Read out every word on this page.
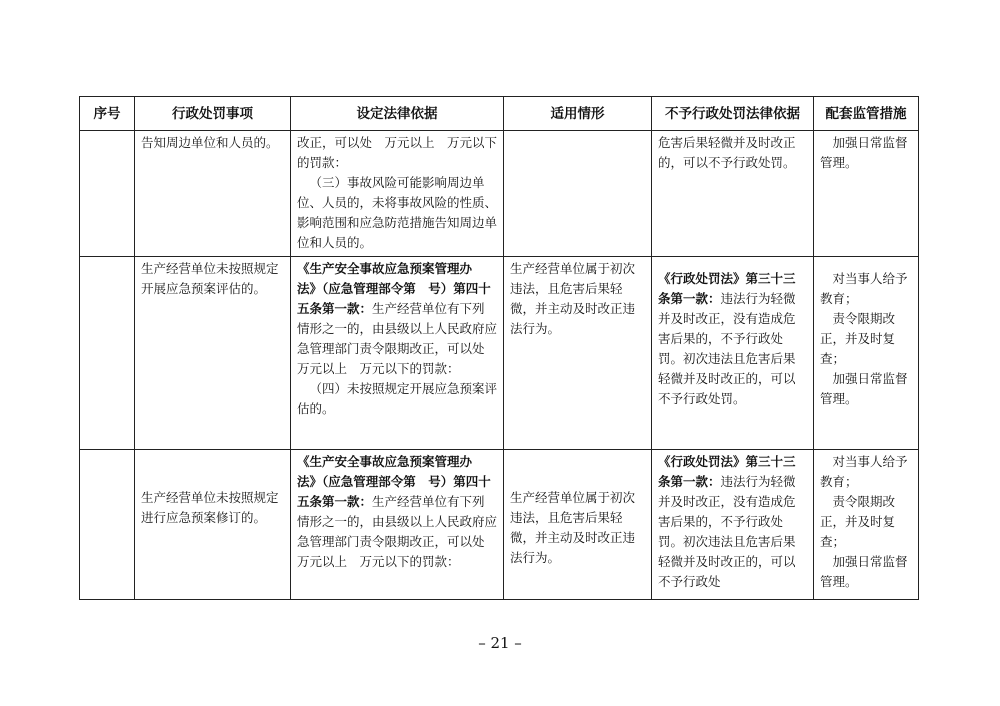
序号	行政处罚事项	设定法律依据	适用情形	不予行政处罚法律依据	配套监管措施
	告知周边单位和人员的。	改正，可以处　万元以上　万元以下的罚款：
（三）事故风险可能影响周边单位、人员的，未将事故风险的性质、影响范围和应急防范措施告知周边单位和人员的。		危害后果轻微并及时改正的，可以不予行政处罚。	加强日常监督管理。

	生产经营单位未按照规定开展应急预案评估的。	《生产安全事故应急预案管理办法》（应急管理部令第　号）第四十五条第一款：生产经营单位有下列情形之一的，由县级以上人民政府应急管理部门责令限期改正，可以处　万元以上　万元以下的罚款：
（四）未按照规定开展应急预案评估的。	生产经营单位属于初次违法，且危害后果轻微，并主动及时改正违法行为。	《行政处罚法》第三十三条第一款：违法行为轻微并及时改正，没有造成危害后果的，不予行政处罚。初次违法且危害后果轻微并及时改正的，可以不予行政处罚。	对当事人给予教育；
责令限期改正，并及时复查；
加强日常监督管理。

	生产经营单位未按照规定进行应急预案修订的。	《生产安全事故应急预案管理办法》（应急管理部令第　号）第四十五条第一款：生产经营单位有下列情形之一的，由县级以上人民政府应急管理部门责令限期改正，可以处　万元以上　万元以下的罚款：	生产经营单位属于初次违法，且危害后果轻微，并主动及时改正违法行为。	《行政处罚法》第三十三条第一款：违法行为轻微并及时改正，没有造成危害后果的，不予行政处罚。初次违法且危害后果轻微并及时改正的，可以不予行政处	对当事人给予教育；
责令限期改正，并及时复查；
加强日常监督管理。
– 21 –
